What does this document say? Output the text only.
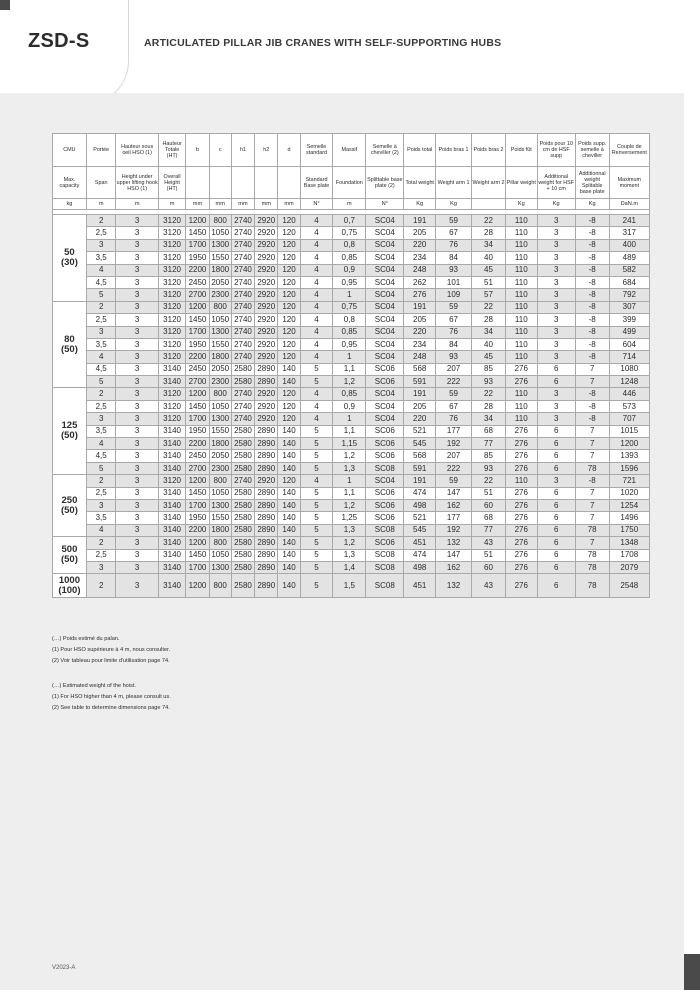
ZSD-S	ARTICULATED PILLAR JIB CRANES WITH SELF-SUPPORTING HUBS
CMU	Portée	Hauteur sous oeil HSO (1)	Hauteur Totale (HT)	b	c	h1	h2	d	Semelle standard	Massif	Semelle à cheviller (2)	Poids total	Poids bras 1	Poids bras 2	Poids fût	Poids pour 10 cm de HSF supp	Poids supp. semelle à cheviller	Couple de Renversement
Max. capacity	Span	Height under upper lifting hook HSO (1)	Overall Height (HT)						Standard Base plate	Foundation	Splittable base plate (2)	Total weight	Weight arm 1	Weight arm 2	Pillar weight	Additional weight for HSF + 10 cm	Additionnal weight Splitable base plate	Maximum moment
kg	m	m	m	mm	mm	mm	mm	mm	N°	m	N°	Kg	Kg		Kg	Kg	Kg	DaN.m

50
(30)	2	3	3120	1200	800	2740	2920	120	4	0,7	SC04	191	59	22	110	3	-8	241
	2,5	3	3120	1450	1050	2740	2920	120	4	0,75	SC04	205	67	28	110	3	-8	317
	3	3	3120	1700	1300	2740	2920	120	4	0,8	SC04	220	76	34	110	3	-8	400
	3,5	3	3120	1950	1550	2740	2920	120	4	0,85	SC04	234	84	40	110	3	-8	489
	4	3	3120	2200	1800	2740	2920	120	4	0,9	SC04	248	93	45	110	3	-8	582
	4,5	3	3120	2450	2050	2740	2920	120	4	0,95	SC04	262	101	51	110	3	-8	684
	5	3	3120	2700	2300	2740	2920	120	4	1	SC04	276	109	57	110	3	-8	792

80
(50)	2	3	3120	1200	800	2740	2920	120	4	0,75	SC04	191	59	22	110	3	-8	307
	2,5	3	3120	1450	1050	2740	2920	120	4	0,8	SC04	205	67	28	110	3	-8	399
	3	3	3120	1700	1300	2740	2920	120	4	0,85	SC04	220	76	34	110	3	-8	499
	3,5	3	3120	1950	1550	2740	2920	120	4	0,95	SC04	234	84	40	110	3	-8	604
	4	3	3120	2200	1800	2740	2920	120	4	1	SC04	248	93	45	110	3	-8	714
	4,5	3	3140	2450	2050	2580	2890	140	5	1,1	SC06	568	207	85	276	6	7	1080
	5	3	3140	2700	2300	2580	2890	140	5	1,2	SC06	591	222	93	276	6	7	1248

125
(50)	2	3	3120	1200	800	2740	2920	120	4	0,85	SC04	191	59	22	110	3	-8	446
	2,5	3	3120	1450	1050	2740	2920	120	4	0,9	SC04	205	67	28	110	3	-8	573
	3	3	3120	1700	1300	2740	2920	120	4	1	SC04	220	76	34	110	3	-8	707
	3,5	3	3140	1950	1550	2580	2890	140	5	1,1	SC06	521	177	68	276	6	7	1015
	4	3	3140	2200	1800	2580	2890	140	5	1,15	SC06	545	192	77	276	6	7	1200
	4,5	3	3140	2450	2050	2580	2890	140	5	1,2	SC06	568	207	85	276	6	7	1393
	5	3	3140	2700	2300	2580	2890	140	5	1,3	SC08	591	222	93	276	6	78	1596

250
(50)	2	3	3120	1200	800	2740	2920	120	4	1	SC04	191	59	22	110	3	-8	721
	2,5	3	3140	1450	1050	2580	2890	140	5	1,1	SC06	474	147	51	276	6	7	1020
	3	3	3140	1700	1300	2580	2890	140	5	1,2	SC06	498	162	60	276	6	7	1254
	3,5	3	3140	1950	1550	2580	2890	140	5	1,25	SC06	521	177	68	276	6	7	1496
	4	3	3140	2200	1800	2580	2890	140	5	1,3	SC08	545	192	77	276	6	78	1750

500
(50)	2	3	3140	1200	800	2580	2890	140	5	1,2	SC06	451	132	43	276	6	7	1348
	2,5	3	3140	1450	1050	2580	2890	140	5	1,3	SC08	474	147	51	276	6	78	1708
	3	3	3140	1700	1300	2580	2890	140	5	1,4	SC08	498	162	60	276	6	78	2079

1000
(100)	2	3	3140	1200	800	2580	2890	140	5	1,5	SC08	451	132	43	276	6	78	2548
(…) Poids estimé du palan.
(1) Pour HSO supérieure à 4 m, nous consulter.
(2) Voir tableau pour limite d'utilisation page 74.
(…) Estimated weight of the hoist.
(1) For HSO higher than 4 m, please consult us.
(2) See table to determine dimensions page 74.
V2023-A
